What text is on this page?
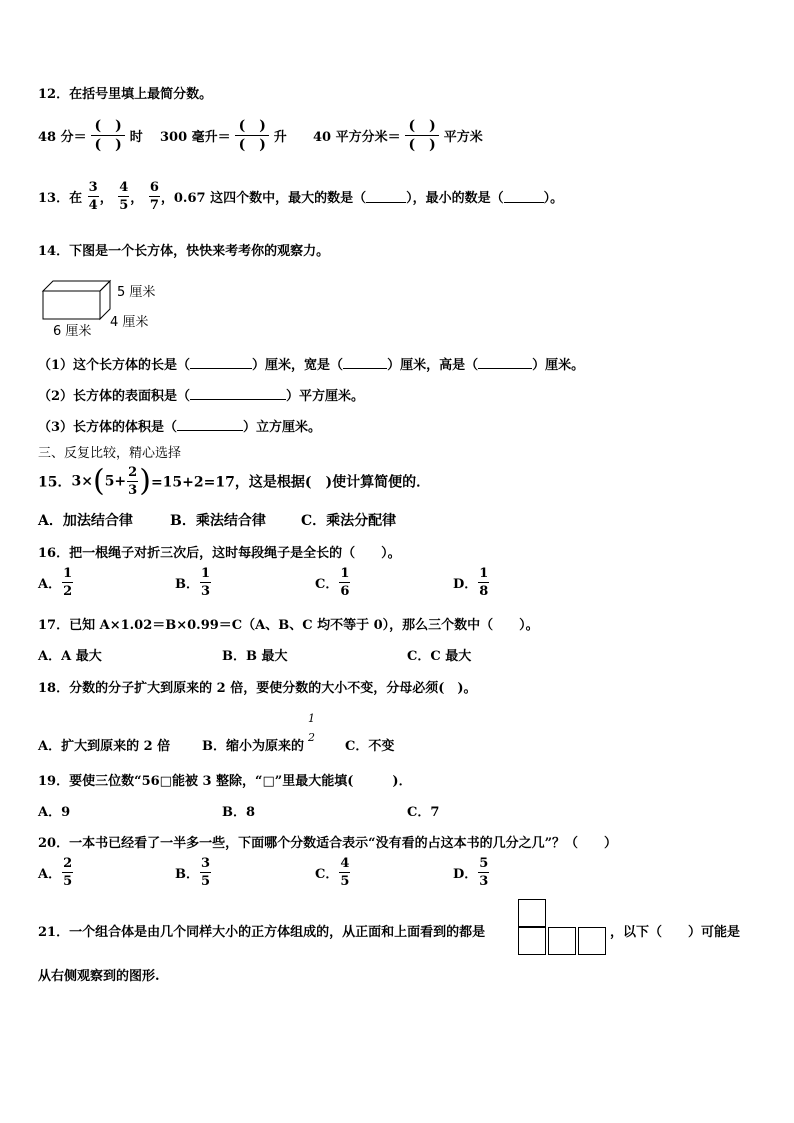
12．在括号里填上最简分数。
48 分＝ $\frac{( )}{( )}$ 时 300 毫升＝ $\frac{( )}{( )}$ 升 40 平方分米＝ $\frac{( )}{( )}$ 平方米
13．在 $\frac{3}{4}$ ， $\frac{4}{5}$ ， $\frac{6}{7}$ ，0.67 这四个数中，最大的数是（	），最小的数是（	）。
14．下图是一个长方体，快快来考考你的观察力。
5 厘米
4 厘米
6 厘米
（1）这个长方体的长是（	）厘米，宽是（	）厘米，高是（	）厘米。
（2）长方体的表面积是（	）平方厘米。
（3）长方体的体积是（	）立方厘米。
三、反复比较，精心选择
15．$3\times(5+ \frac{2}{3} )=15+2=17$，这是根据(　)使计算简便的．
A．加法结合律	B．乘法结合律	C．乘法分配律
16．把一根绳子对折三次后，这时每段绳子是全长的（　　）。
A． $\frac{1}{2}$	B． $\frac{1}{3}$	C． $\frac{1}{6}$	D． $\frac{1}{8}$
17．已知 A×1.02＝B×0.99＝C（A、B、C 均不等于 0），那么三个数中（　　）。
A．A 最大	B．B 最大	C．C 最大
18．分数的分子扩大到原来的 2 倍，要使分数的大小不变，分母必须(　)。
A．扩大到原来的 2 倍 B．缩小为原来的
1
2
C．不变
19．要使三位数“56□能被 3 整除，“□”里最大能填(　　　)．
A．9	B．8	C．7
20．一本书已经看了一半多一些，下面哪个分数适合表示“没有看的占这本书的几分之几”？（　　）
A． $\frac{2}{5}$	B． $\frac{3}{5}$	C． $\frac{4}{5}$	D． $\frac{5}{3}$
21．一个组合体是由几个同样大小的正方体组成的，从正面和上面看到的都是	，以下（　　）可能是
从右侧观察到的图形.
